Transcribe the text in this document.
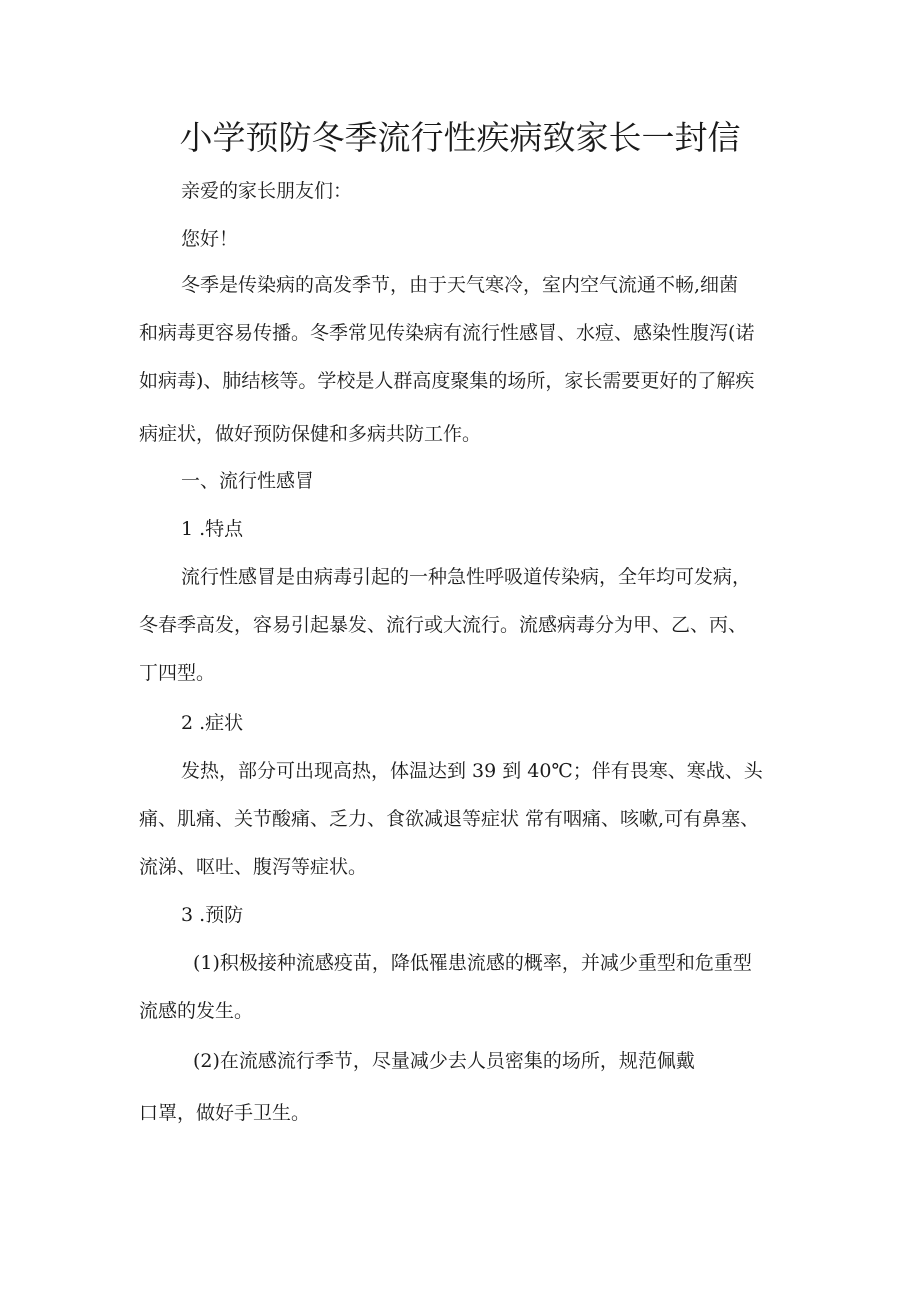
小学预防冬季流行性疾病致家长一封信

亲爱的家长朋友们：

您好！

冬季是传染病的高发季节，由于天气寒冷，室内空气流通不畅,细菌

和病毒更容易传播。冬季常见传染病有流行性感冒、水痘、感染性腹泻(诺

如病毒)、肺结核等。学校是人群高度聚集的场所，家长需要更好的了解疾

病症状，做好预防保健和多病共防工作。

一、流行性感冒

1 .特点

流行性感冒是由病毒引起的一种急性呼吸道传染病，全年均可发病，

冬春季高发，容易引起暴发、流行或大流行。流感病毒分为甲、乙、丙、

丁四型。

2 .症状

发热，部分可出现高热，体温达到 39 到 40℃；伴有畏寒、寒战、头

痛、肌痛、关节酸痛、乏力、食欲减退等症状 常有咽痛、咳嗽,可有鼻塞、

流涕、呕吐、腹泻等症状。

3 .预防

(1)积极接种流感疫苗，降低罹患流感的概率，并减少重型和危重型

流感的发生。

(2)在流感流行季节，尽量减少去人员密集的场所，规范佩戴

口罩，做好手卫生。
